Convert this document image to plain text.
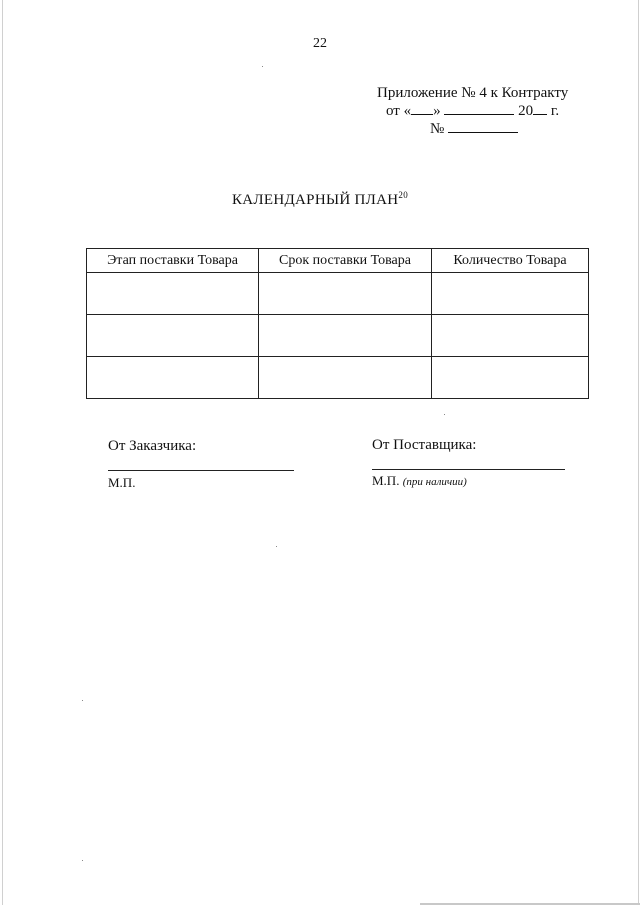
22
Приложение № 4 к Контракту
от « »	20 г.
№
КАЛЕНДАРНЫЙ ПЛАН$^{20}$
Этап поставки Товара	Срок поставки Товара	Количество Товара

От Заказчика:
М.П.
От Поставщика:
М.П. (при наличии)
